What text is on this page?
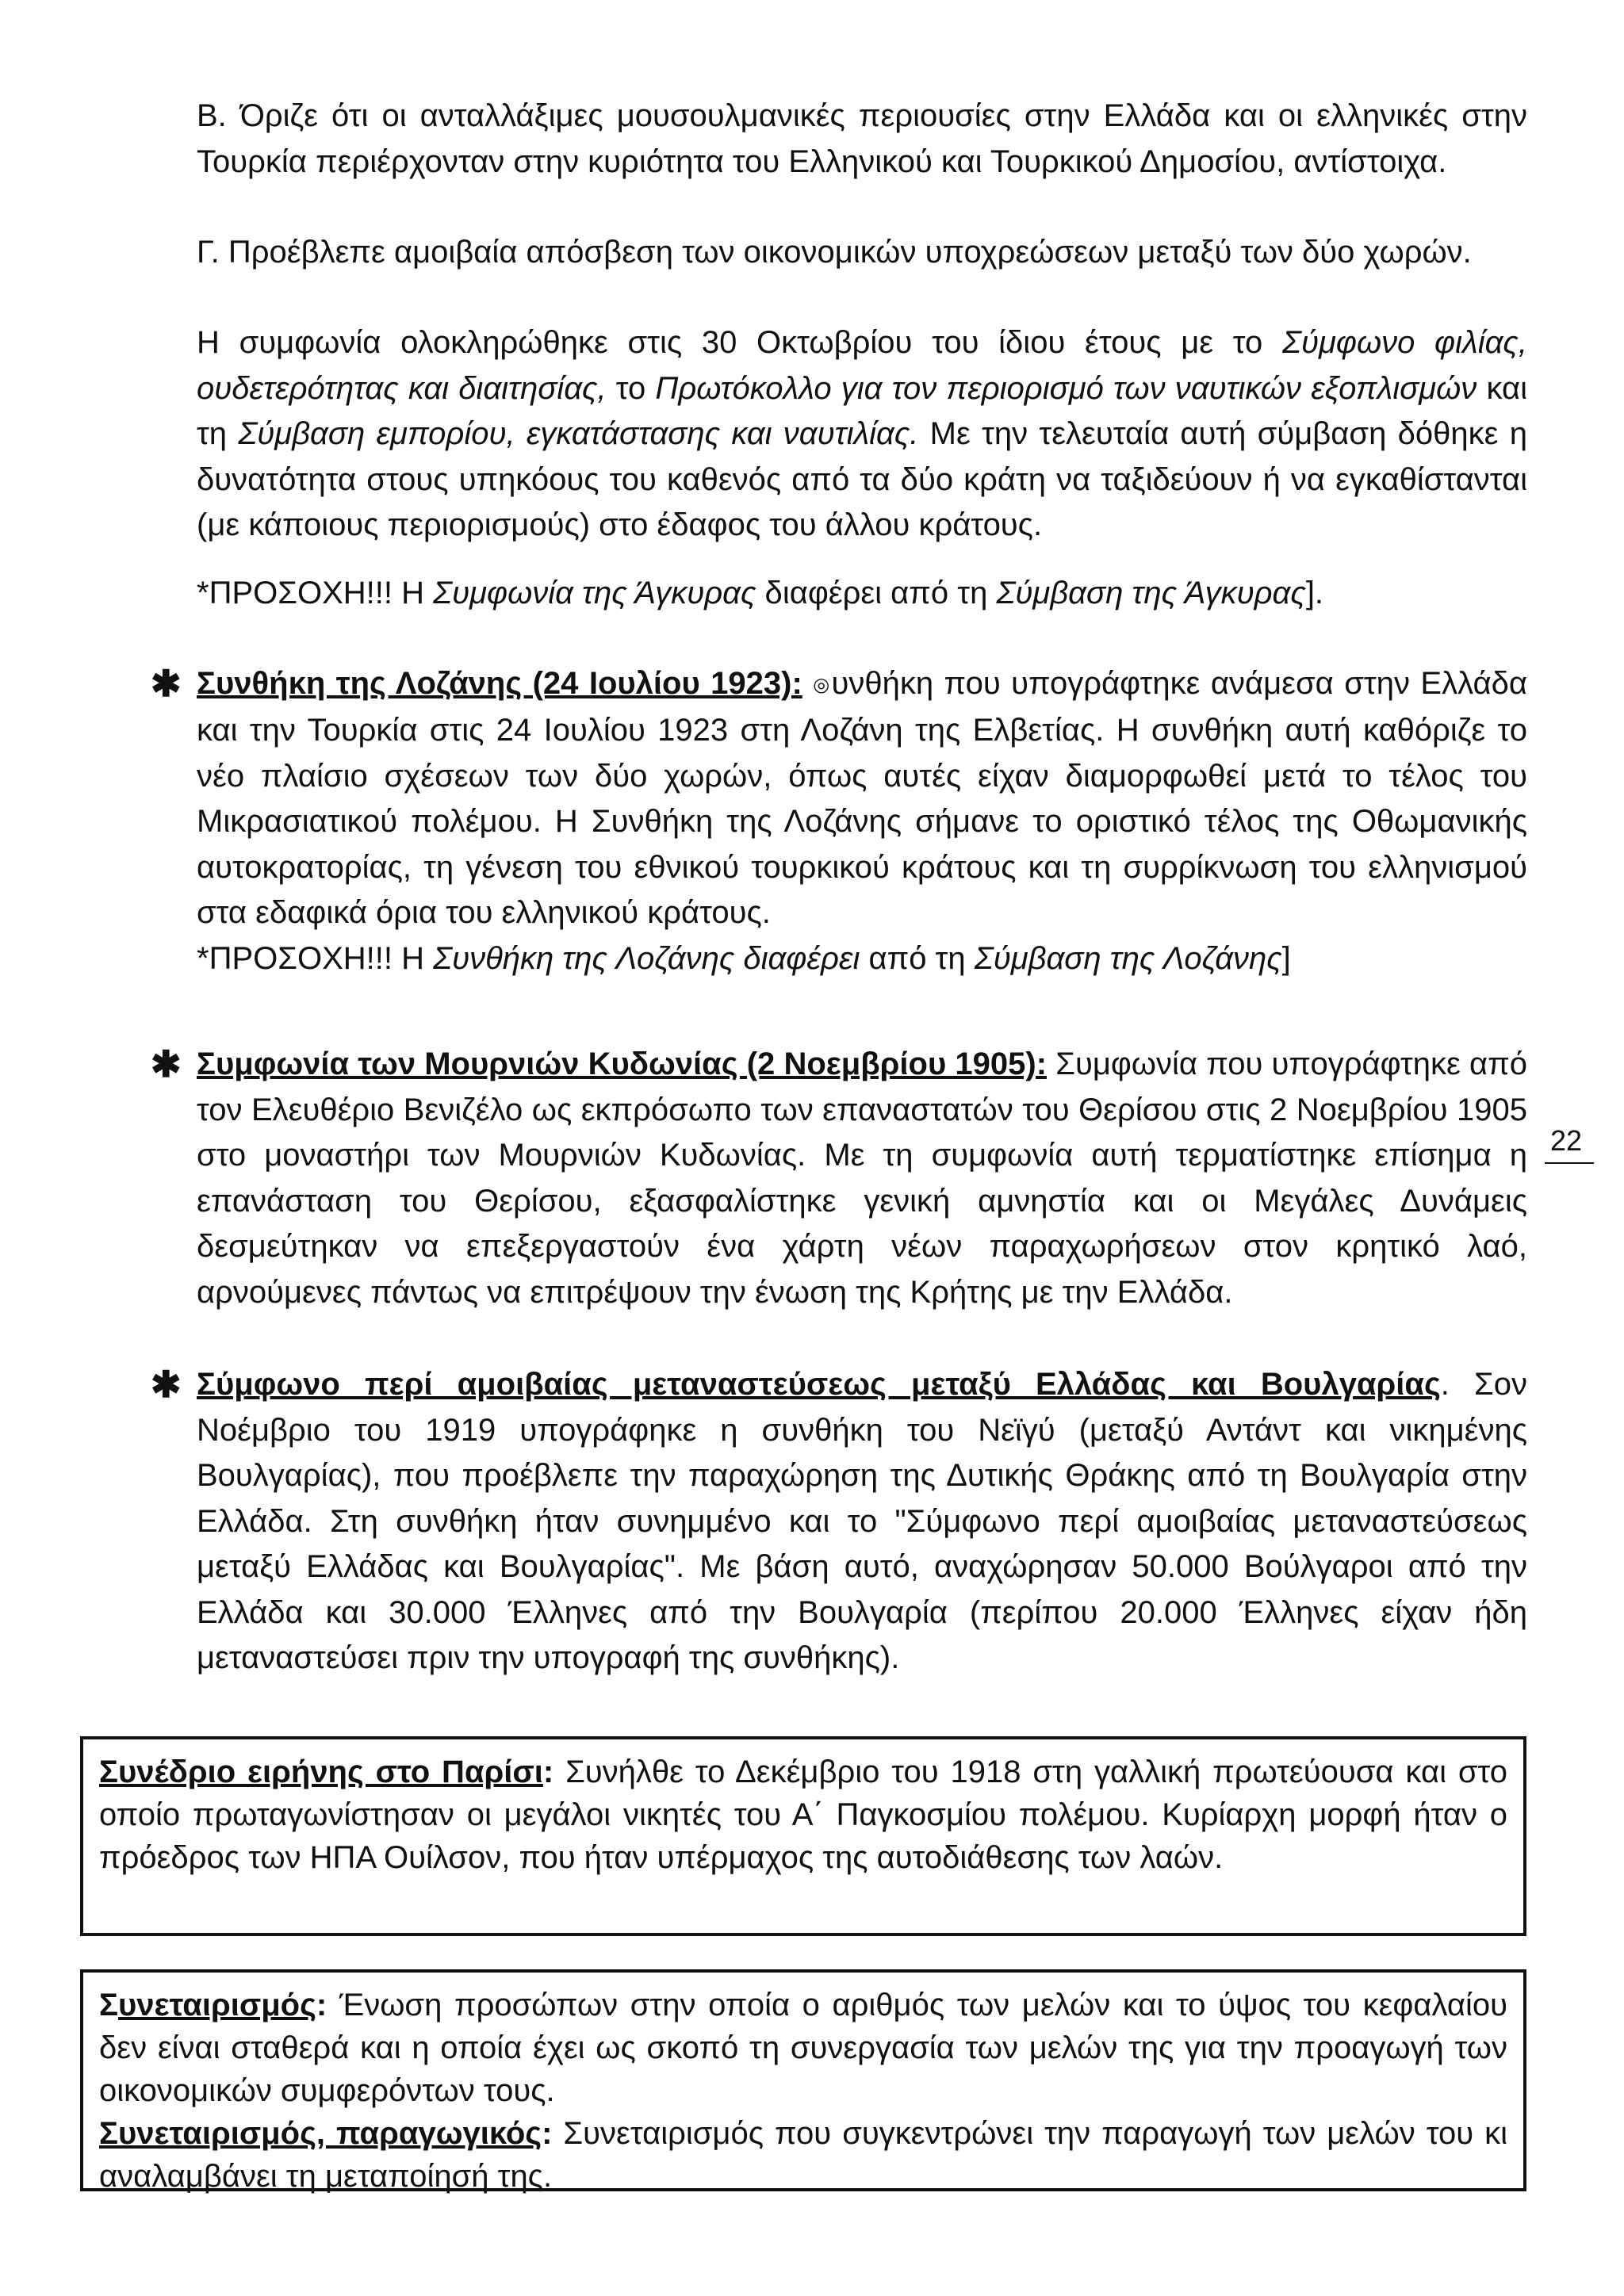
Β. Όριζε ότι οι ανταλλάξιμες μουσουλμανικές περιουσίες στην Ελλάδα και οι ελληνικές στην Τουρκία περιέρχονταν στην κυριότητα του Ελληνικού και Τουρκικού Δημοσίου, αντίστοιχα.

Γ. Προέβλεπε αμοιβαία απόσβεση των οικονομικών υποχρεώσεων μεταξύ των δύο χωρών.

Η συμφωνία ολοκληρώθηκε στις 30 Οκτωβρίου του ίδιου έτους με το Σύμφωνο φιλίας, ουδετερότητας και διαιτησίας, το Πρωτόκολλο για τον περιορισμό των ναυτικών εξοπλισμών και τη Σύμβαση εμπορίου, εγκατάστασης και ναυτιλίας. Με την τελευταία αυτή σύμβαση δόθηκε η δυνατότητα στους υπηκόους του καθενός από τα δύο κράτη να ταξιδεύουν ή να εγκαθίστανται (με κάποιους περιορισμούς) στο έδαφος του άλλου κράτους.

*ΠΡΟΣΟΧΗ!!! Η Συμφωνία της Άγκυρας διαφέρει από τη Σύμβαση της Άγκυρας].

✱ Συνθήκη της Λοζάνης (24 Ιουλίου 1923): ◎υνθήκη που υπογράφτηκε ανάμεσα στην Ελλάδα και την Τουρκία στις 24 Ιουλίου 1923 στη Λοζάνη της Ελβετίας. Η συνθήκη αυτή καθόριζε το νέο πλαίσιο σχέσεων των δύο χωρών, όπως αυτές είχαν διαμορφωθεί μετά το τέλος του Μικρασιατικού πολέμου. Η Συνθήκη της Λοζάνης σήμανε το οριστικό τέλος της Οθωμανικής αυτοκρατορίας, τη γένεση του εθνικού τουρκικού κράτους και τη συρρίκνωση του ελληνισμού στα εδαφικά όρια του ελληνικού κράτους.

*ΠΡΟΣΟΧΗ!!! Η Συνθήκη της Λοζάνης διαφέρει από τη Σύμβαση της Λοζάνης]

✱ Συμφωνία των Μουρνιών Κυδωνίας (2 Νοεμβρίου 1905): Συμφωνία που υπογράφτηκε από τον Ελευθέριο Βενιζέλο ως εκπρόσωπο των επαναστατών του Θερίσου στις 2 Νοεμβρίου 1905 στο μοναστήρι των Μουρνιών Κυδωνίας. Με τη συμφωνία αυτή τερματίστηκε επίσημα η επανάσταση του Θερίσου, εξασφαλίστηκε γενική αμνηστία και οι Μεγάλες Δυνάμεις δεσμεύτηκαν να επεξεργαστούν ένα χάρτη νέων παραχωρήσεων στον κρητικό λαό, αρνούμενες πάντως να επιτρέψουν την ένωση της Κρήτης με την Ελλάδα.

22
✱ Σύμφωνο περί αμοιβαίας μεταναστεύσεως μεταξύ Ελλάδας και Βουλγαρίας. Σον Νοέμβριο του 1919 υπογράφηκε η συνθήκη του Νεϊγύ (μεταξύ Αντάντ και νικημένης Βουλγαρίας), που προέβλεπε την παραχώρηση της Δυτικής Θράκης από τη Βουλγαρία στην Ελλάδα. Στη συνθήκη ήταν συνημμένο και το "Σύμφωνο περί αμοιβαίας μεταναστεύσεως μεταξύ Ελλάδας και Βουλγαρίας". Με βάση αυτό, αναχώρησαν 50.000 Βούλγαροι από την Ελλάδα και 30.000 Έλληνες από την Βουλγαρία (περίπου 20.000 Έλληνες είχαν ήδη μεταναστεύσει πριν την υπογραφή της συνθήκης).

Συνέδριο ειρήνης στο Παρίσι: Συνήλθε το Δεκέμβριο του 1918 στη γαλλική πρωτεύουσα και στο οποίο πρωταγωνίστησαν οι μεγάλοι νικητές του Α΄ Παγκοσμίου πολέμου. Κυρίαρχη μορφή ήταν ο πρόεδρος των ΗΠΑ Ουίλσον, που ήταν υπέρμαχος της αυτοδιάθεσης των λαών.

Συνεταιρισμός: Ένωση προσώπων στην οποία ο αριθμός των μελών και το ύψος του κεφαλαίου δεν είναι σταθερά και η οποία έχει ως σκοπό τη συνεργασία των μελών της για την προαγωγή των οικονομικών συμφερόντων τους.

Συνεταιρισμός, παραγωγικός: Συνεταιρισμός που συγκεντρώνει την παραγωγή των μελών του κι αναλαμβάνει τη μεταποίησή της.
